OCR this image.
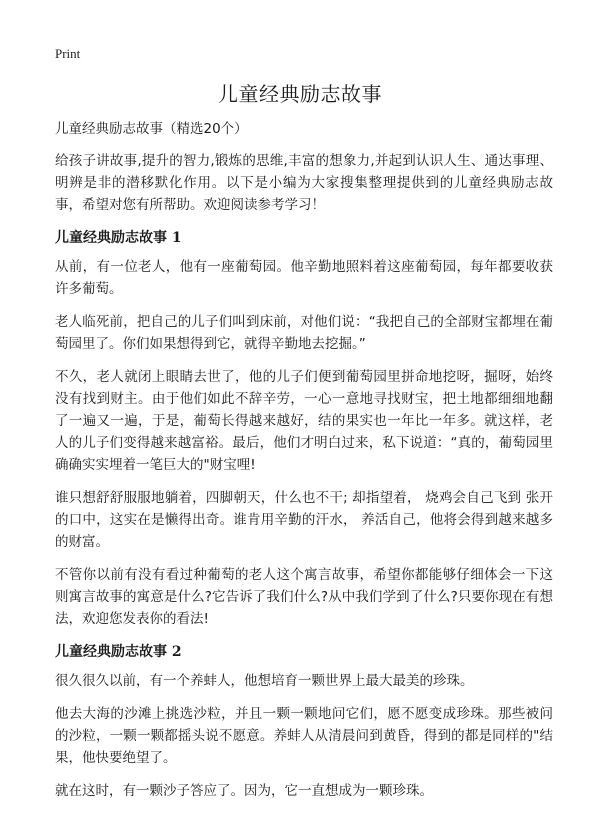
Print
儿童经典励志故事

儿童经典励志故事（精选20个）

给孩子讲故事,提升的智力,锻炼的思维,丰富的想象力,并起到认识人生、通达事理、明辨是非的潜移默化作用。以下是小编为大家搜集整理提供到的儿童经典励志故事，希望对您有所帮助。欢迎阅读参考学习！

儿童经典励志故事 1

从前，有一位老人，他有一座葡萄园。他辛勤地照料着这座葡萄园，每年都要收获许多葡萄。

老人临死前，把自己的儿子们叫到床前，对他们说：“我把自己的全部财宝都埋在葡萄园里了。你们如果想得到它，就得辛勤地去挖掘。”

不久，老人就闭上眼睛去世了，他的儿子们便到葡萄园里拼命地挖呀，掘呀，始终没有找到财主。由于他们如此不辞辛劳，一心一意地寻找财宝，把土地都细细地翻了一遍又一遍，于是，葡萄长得越来越好，结的果实也一年比一年多。就这样，老人的儿子们变得越来越富裕。最后，他们才明白过来，私下说道：“真的，葡萄园里确确实实埋着一笔巨大的"财宝哩!

谁只想舒舒服服地躺着，四脚朝天，什么也不干; 却指望着， 烧鸡会自己飞到 张开的口中，这实在是懒得出奇。谁肯用辛勤的汗水， 养活自己，他将会得到越来越多的财富。

不管你以前有没有看过种葡萄的老人这个寓言故事，希望你都能够仔细体会一下这则寓言故事的寓意是什么?它告诉了我们什么?从中我们学到了什么?只要你现在有想法，欢迎您发表你的看法!

儿童经典励志故事 2

很久很久以前，有一个养蚌人，他想培育一颗世界上最大最美的珍珠。

他去大海的沙滩上挑选沙粒，并且一颗一颗地问它们，愿不愿变成珍珠。那些被问的沙粒，一颗一颗都摇头说不愿意。养蚌人从清晨问到黄昏，得到的都是同样的"结果，他快要绝望了。

就在这时，有一颗沙子答应了。因为，它一直想成为一颗珍珠。
